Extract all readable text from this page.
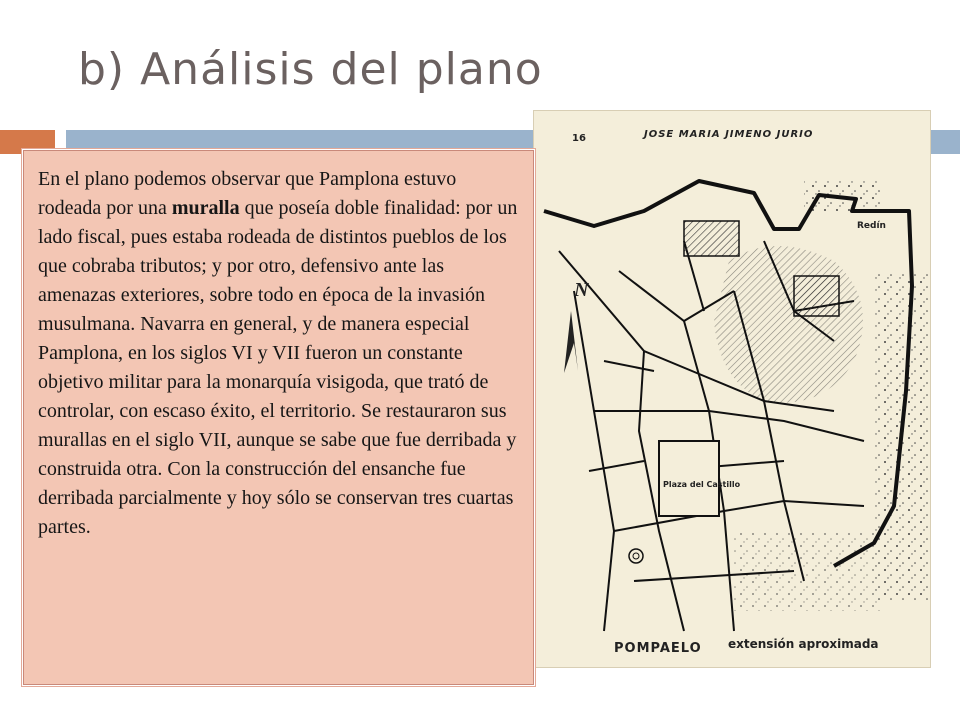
b) Análisis del plano
16	JOSE MARIA JIMENO JURIO
N
Redín
Plaza del Castillo
POMPAELO extensión aproximada

En el plano podemos observar que Pamplona estuvo rodeada por una muralla que poseía doble finalidad: por un lado fiscal, pues estaba rodeada de distintos pueblos de los que cobraba tributos; y por otro, defensivo ante las amenazas exteriores, sobre todo en época de la invasión musulmana. Navarra en general, y de manera especial Pamplona, en los siglos VI y VII fueron un constante objetivo militar para la monarquía visigoda, que trató de controlar, con escaso éxito, el territorio. Se restauraron sus murallas en el siglo VII, aunque se sabe que fue derribada y construida otra. Con la construcción del ensanche fue derribada parcialmente y hoy sólo se conservan tres cuartas partes.
